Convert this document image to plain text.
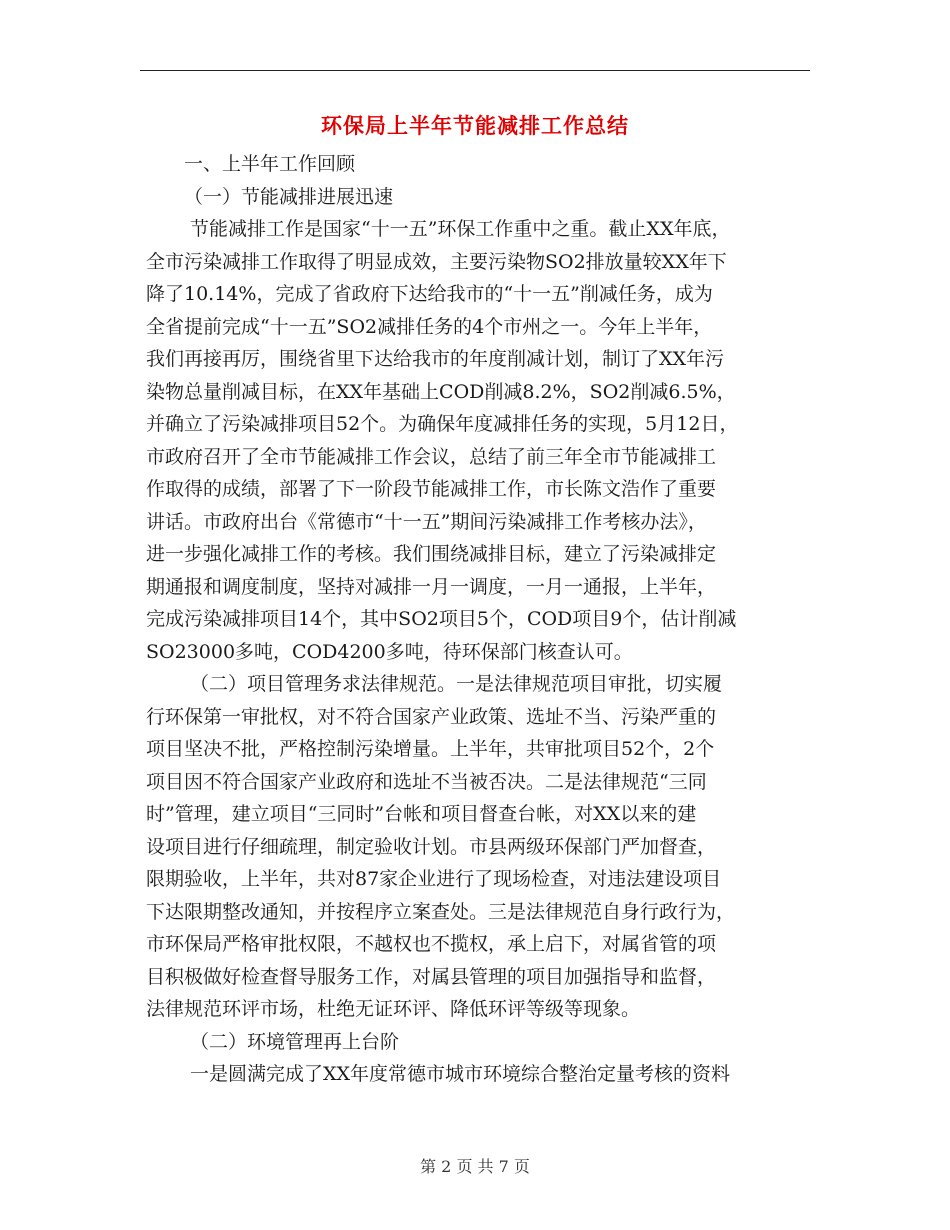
环保局上半年节能减排工作总结
一、上半年工作回顾
（一）节能减排进展迅速
节能减排工作是国家“十一五”环保工作重中之重。截止XX年底，
全市污染减排工作取得了明显成效，主要污染物SO2排放量较XX年下
降了10.14%，完成了省政府下达给我市的“十一五”削减任务，成为
全省提前完成“十一五”SO2减排任务的4个市州之一。今年上半年，
我们再接再厉，围绕省里下达给我市的年度削减计划，制订了XX年污
染物总量削减目标，在XX年基础上COD削减8.2%，SO2削减6.5%，
并确立了污染减排项目52个。为确保年度减排任务的实现，5月12日，
市政府召开了全市节能减排工作会议，总结了前三年全市节能减排工
作取得的成绩，部署了下一阶段节能减排工作，市长陈文浩作了重要
讲话。市政府出台《常德市“十一五”期间污染减排工作考核办法》，
进一步强化减排工作的考核。我们围绕减排目标，建立了污染减排定
期通报和调度制度，坚持对减排一月一调度，一月一通报，上半年，
完成污染减排项目14个，其中SO2项目5个，COD项目9个，估计削减
SO23000多吨，COD4200多吨，待环保部门核查认可。
（二）项目管理务求法律规范。一是法律规范项目审批，切实履
行环保第一审批权，对不符合国家产业政策、选址不当、污染严重的
项目坚决不批，严格控制污染增量。上半年，共审批项目52个，2个
项目因不符合国家产业政府和选址不当被否决。二是法律规范“三同
时”管理，建立项目“三同时”台帐和项目督查台帐，对XX以来的建
设项目进行仔细疏理，制定验收计划。市县两级环保部门严加督查，
限期验收，上半年，共对87家企业进行了现场检查，对违法建设项目
下达限期整改通知，并按程序立案查处。三是法律规范自身行政行为，
市环保局严格审批权限，不越权也不揽权，承上启下，对属省管的项
目积极做好检查督导服务工作，对属县管理的项目加强指导和监督，
法律规范环评市场，杜绝无证环评、降低环评等级等现象。
（二）环境管理再上台阶
一是圆满完成了XX年度常德市城市环境综合整治定量考核的资料
第 2 页 共 7 页
